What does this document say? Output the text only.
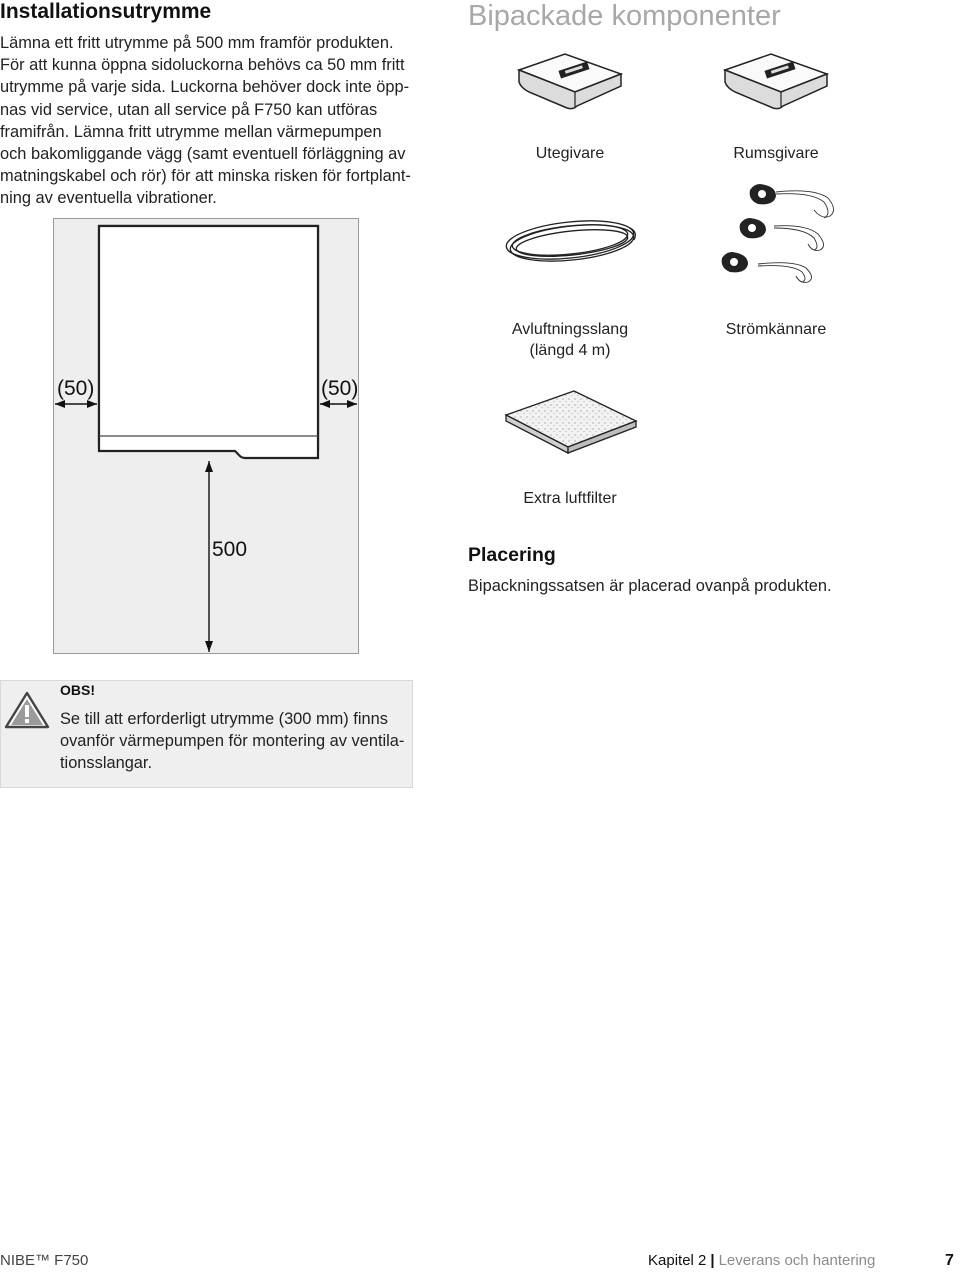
Installationsutrymme

Lämna ett fritt utrymme på 500 mm framför produkten.
För att kunna öppna sidoluckorna behövs ca 50 mm fritt
utrymme på varje sida. Luckorna behöver dock inte öpp-
nas vid service, utan all service på F750 kan utföras
framifrån. Lämna fritt utrymme mellan värmepumpen
och bakomliggande vägg (samt eventuell förläggning av
matningskabel och rör) för att minska risken för fortplant-
ning av eventuella vibrationer.

(50)	(50)
500
Bipackade komponenter
Utegivare	Rumsgivare
Avluftningsslang
(längd 4 m)
Strömkännare
Extra luftfilter
Placering
Bipackningssatsen är placerad ovanpå produkten.
OBS!
Se till att erforderligt utrymme (300 mm) finns
ovanför värmepumpen för montering av ventila-
tionsslangar.
NIBE™ F750	Kapitel 2 | Leverans och hantering	7
